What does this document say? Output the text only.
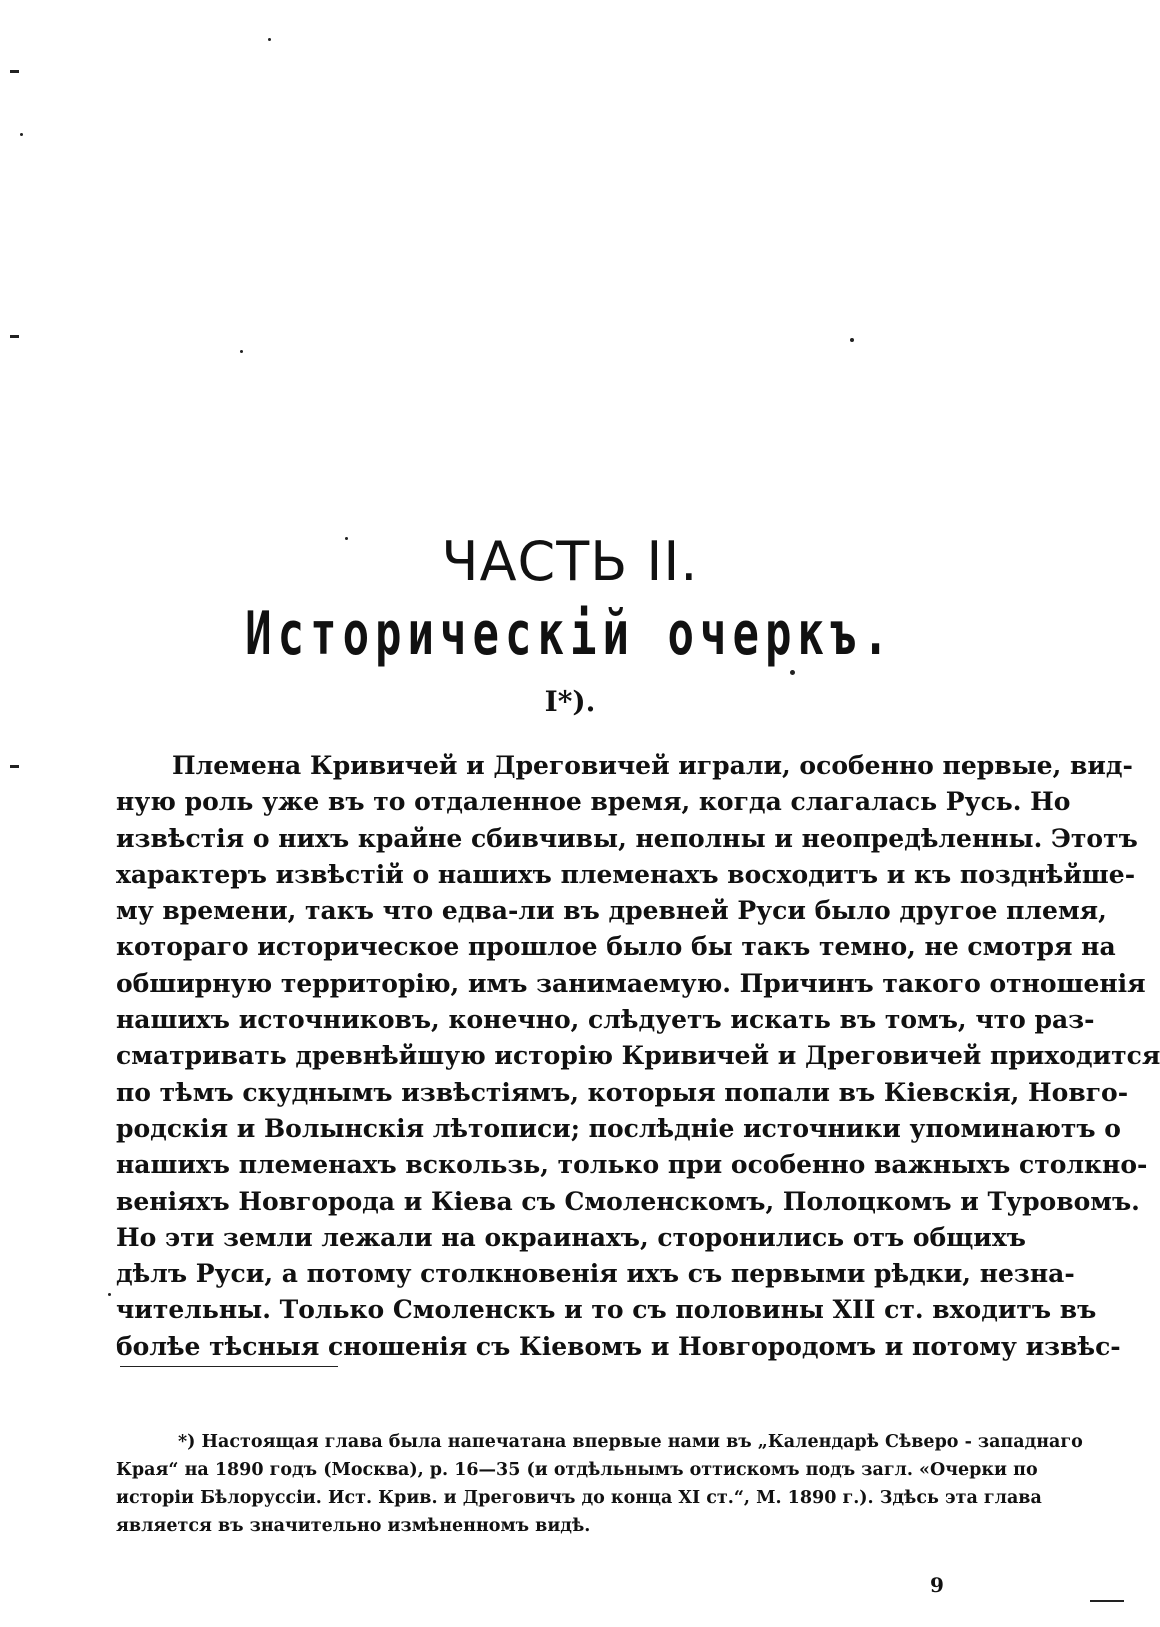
ЧАСТЬ II.
Историческiй очеркъ.
I*).
Племена Кривичей и Дреговичей играли, особенно первые, вид-
ную роль уже въ то отдаленное время, когда слагалась Русь. Но
извѣстiя о нихъ крайне сбивчивы, неполны и неопредѣленны. Этотъ
характеръ извѣстiй о нашихъ племенахъ восходитъ и къ позднѣйше-
му времени, такъ что едва-ли въ древней Руси было другое племя,
котораго историческое прошлое было бы такъ темно, не смотря на
обширную территорiю, имъ занимаемую. Причинъ такого отношенiя
нашихъ источниковъ, конечно, слѣдуетъ искать въ томъ, что раз-
сматривать древнѣйшую исторiю Кривичей и Дреговичей приходится
по тѣмъ скуднымъ извѣстiямъ, которыя попали въ Кiевскiя, Новго-
родскiя и Волынскiя лѣтописи; послѣднiе источники упоминаютъ о
нашихъ племенахъ вскользь, только при особенно важныхъ столкно-
венiяхъ Новгорода и Кiева съ Смоленскомъ, Полоцкомъ и Туровомъ.
Но эти земли лежали на окраинахъ, сторонились отъ общихъ
дѣлъ Руси, а потому столкновенiя ихъ съ первыми рѣдки, незна-
чительны. Только Смоленскъ и то съ половины XII ст. входитъ въ
болѣе тѣсныя сношенiя съ Кiевомъ и Новгородомъ и потому извѣс-
*) Настоящая глава была напечатана впервые нами въ „Календарѣ Сѣверо - западнаго
Края“ на 1890 годъ (Москва), p. 16—35 (и отдѣльнымъ оттискомъ подъ загл. «Очерки по
исторiи Бѣлоруссiи. Ист. Крив. и Дреговичъ до конца XI ст.“, М. 1890 г.). Здѣсь эта глава
является въ значительно измѣненномъ видѣ.
9
